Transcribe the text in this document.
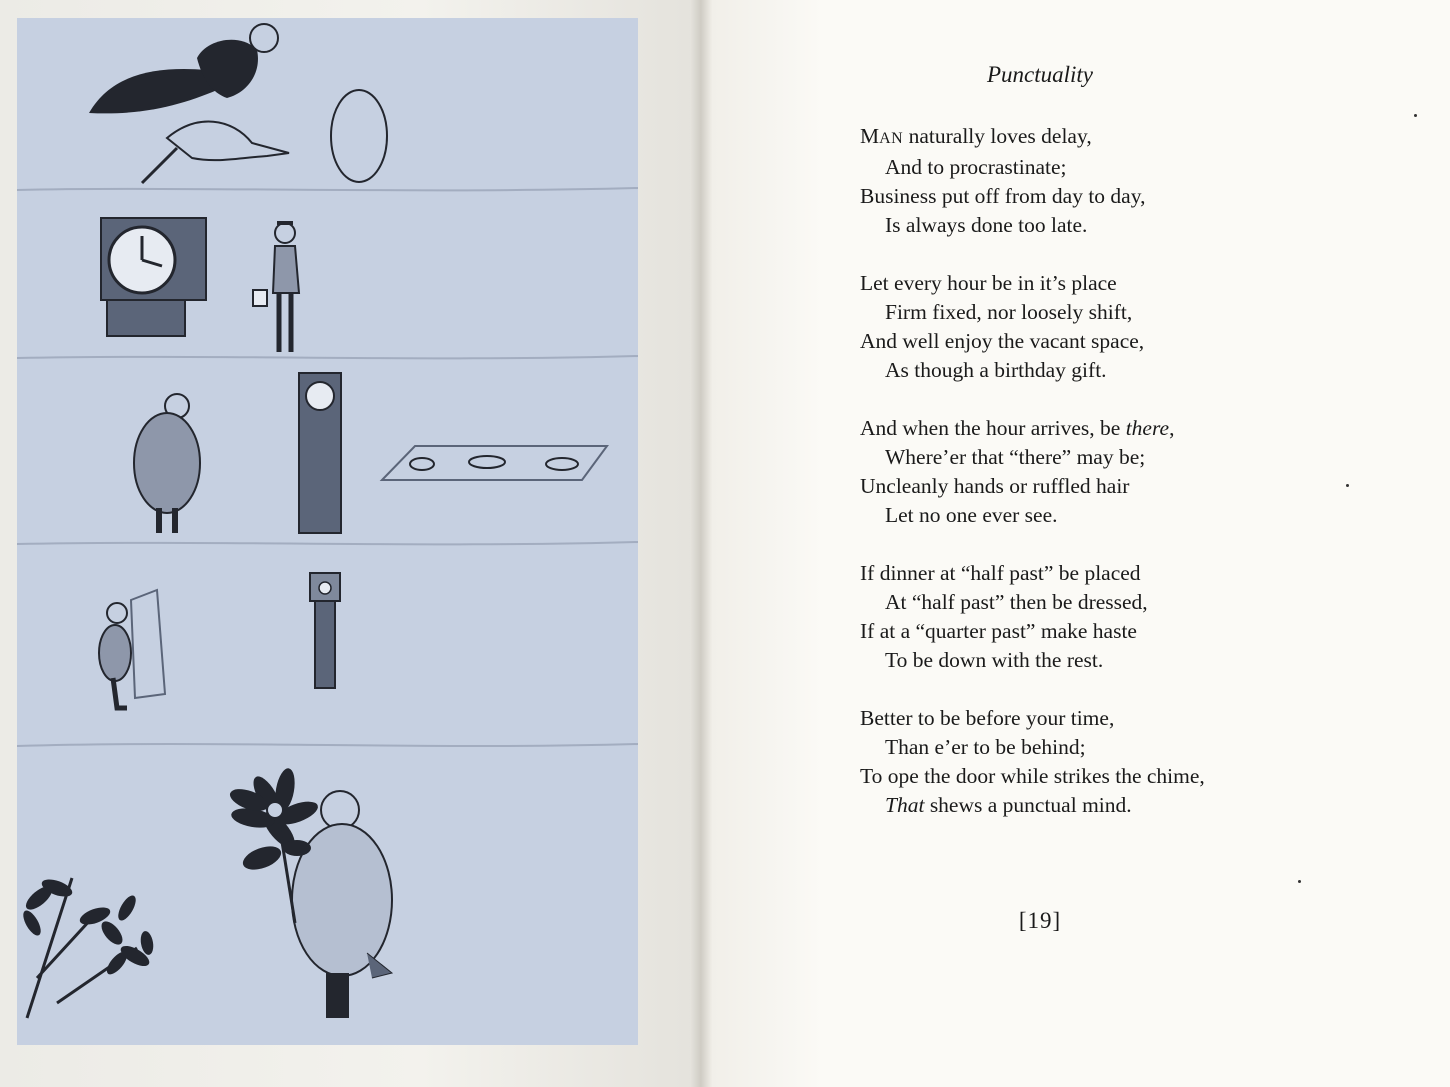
Punctuality
MAN naturally loves delay,
And to procrastinate;
Business put off from day to day,
Is always done too late.
Let every hour be in it’s place
Firm fixed, nor loosely shift,
And well enjoy the vacant space,
As though a birthday gift.
And when the hour arrives, be there,
Where’er that “there” may be;
Uncleanly hands or ruffled hair
Let no one ever see.
If dinner at “half past” be placed
At “half past” then be dressed,
If at a “quarter past” make haste
To be down with the rest.
Better to be before your time,
Than e’er to be behind;
To ope the door while strikes the chime,
That shews a punctual mind.
[19]
